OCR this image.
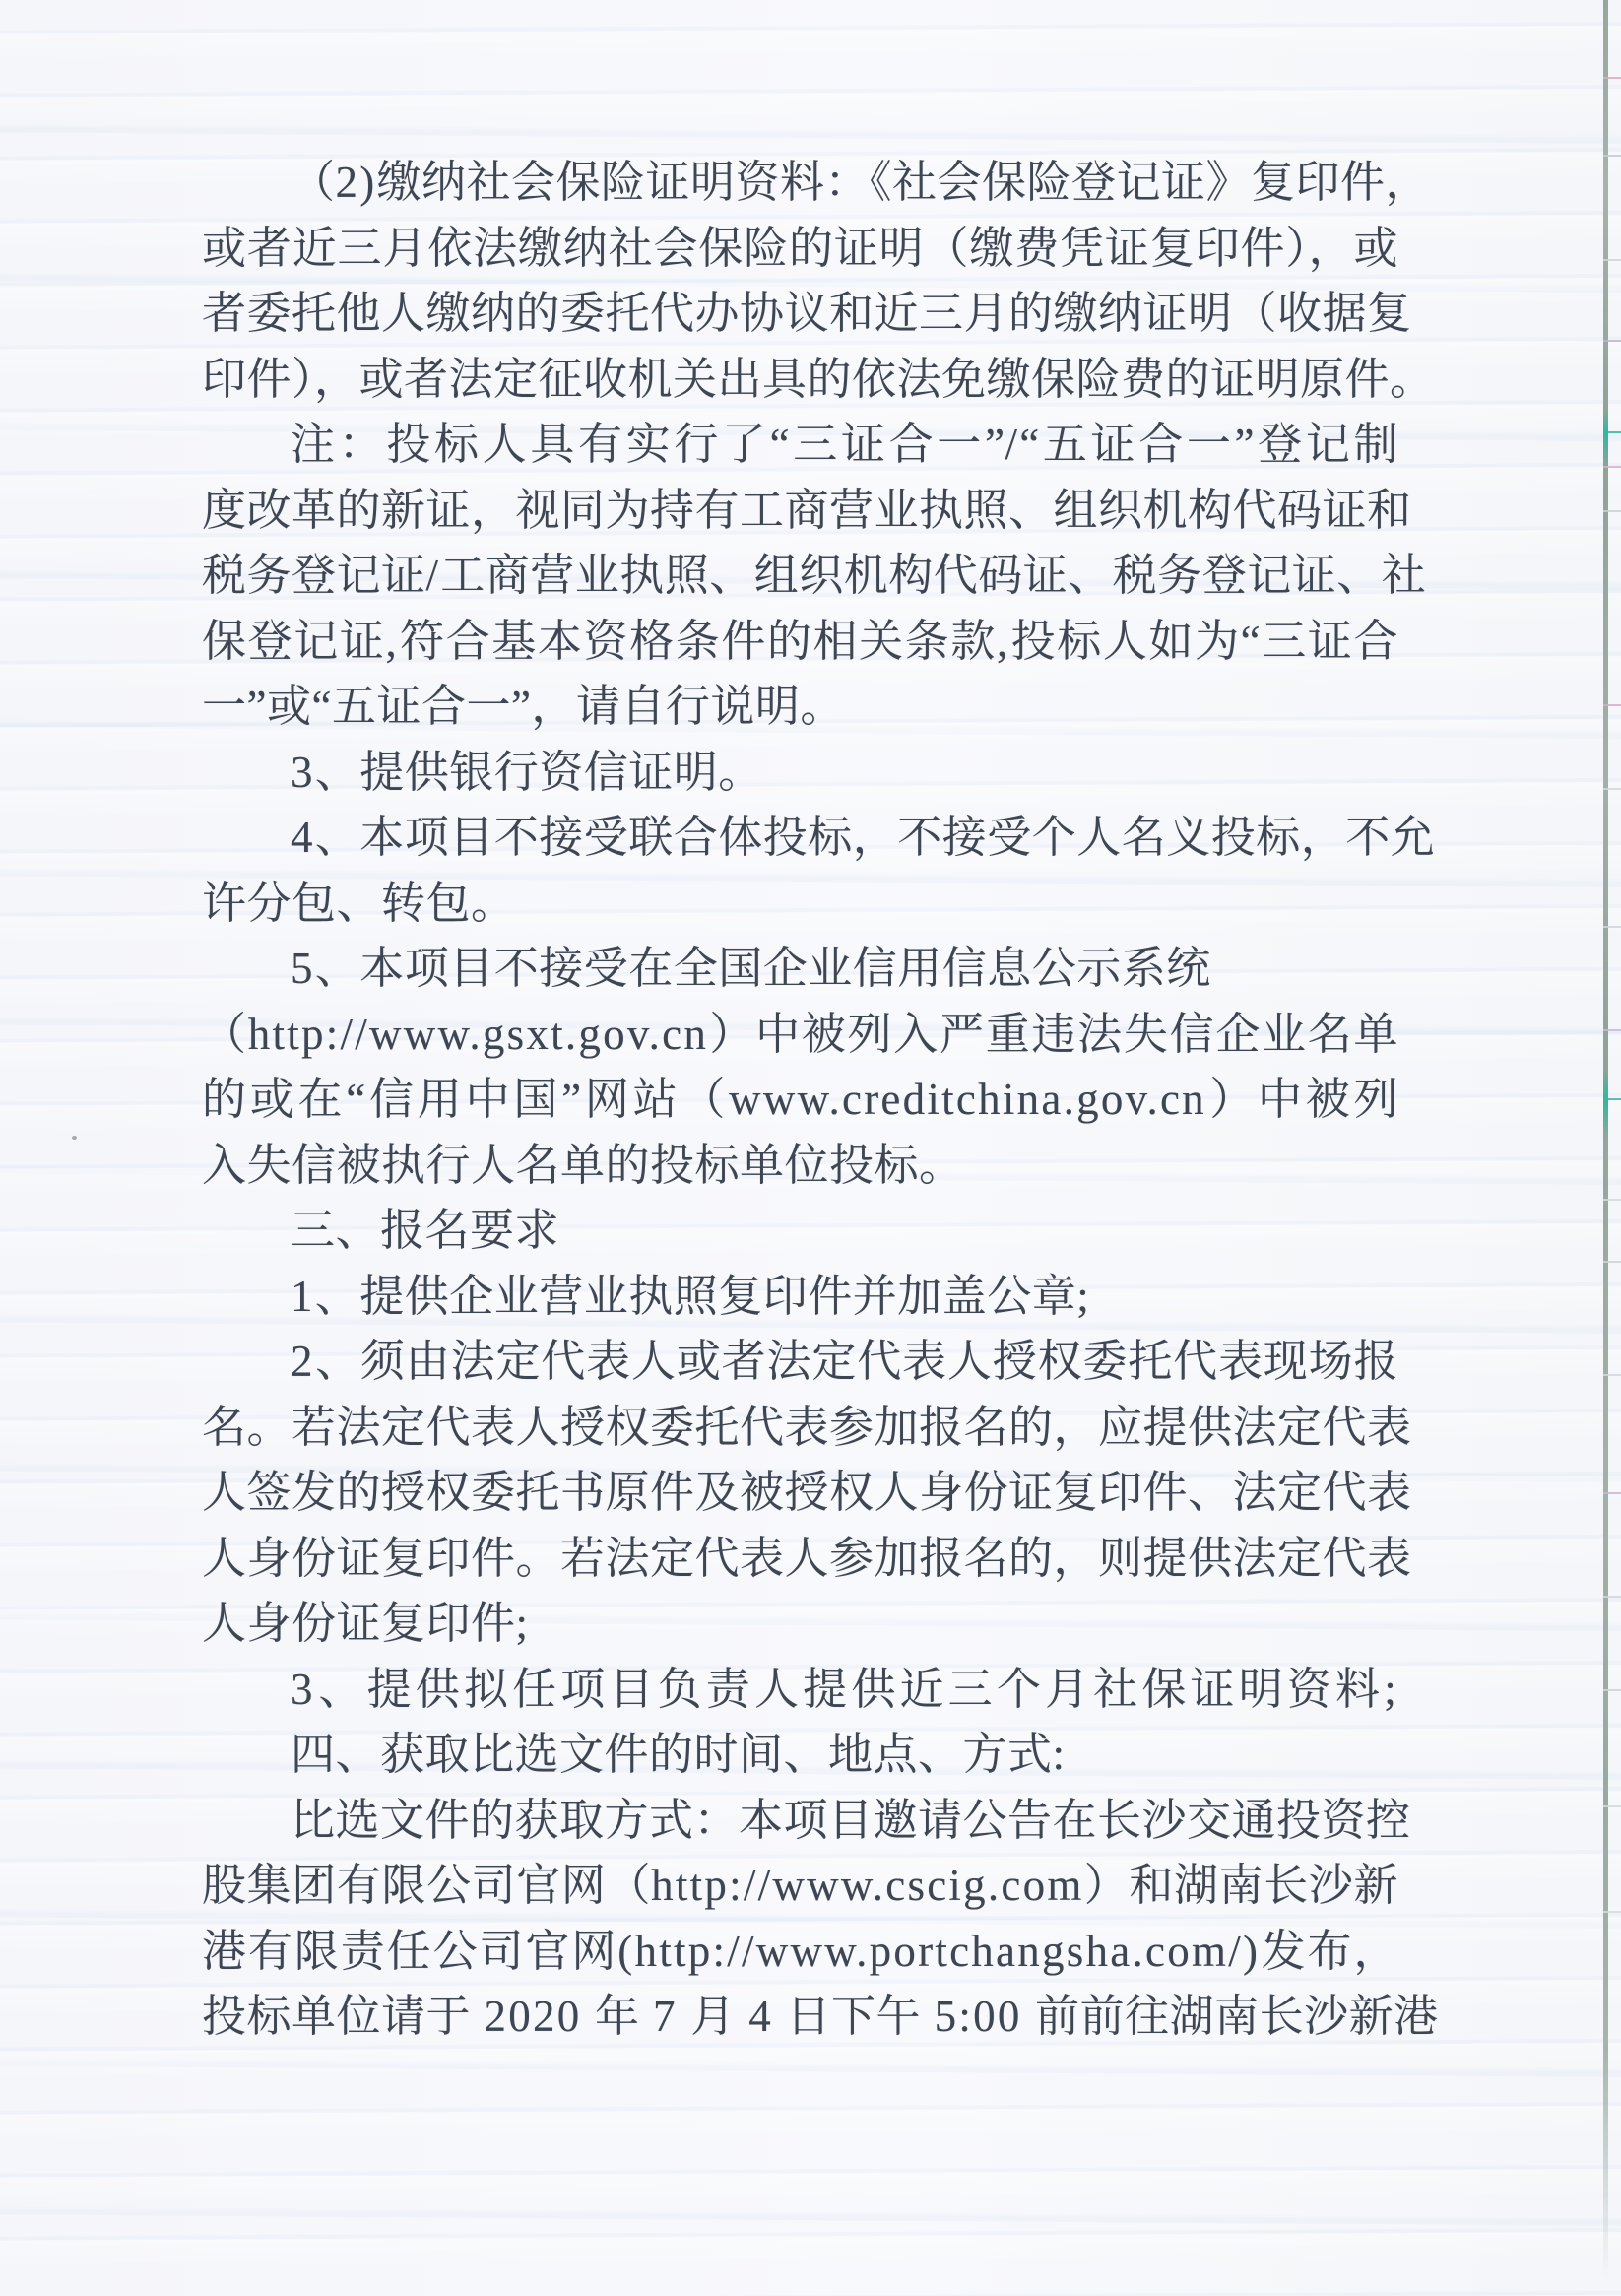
（2)缴纳社会保险证明资料：《社会保险登记证》复印件，
或者近三月依法缴纳社会保险的证明（缴费凭证复印件），或
者委托他人缴纳的委托代办协议和近三月的缴纳证明（收据复
印件），或者法定征收机关出具的依法免缴保险费的证明原件。
注：投标人具有实行了“三证合一”/“五证合一”登记制
度改革的新证，视同为持有工商营业执照、组织机构代码证和
税务登记证/工商营业执照、组织机构代码证、税务登记证、社
保登记证,符合基本资格条件的相关条款,投标人如为“三证合
一”或“五证合一”，请自行说明。
3、提供银行资信证明。
4、本项目不接受联合体投标，不接受个人名义投标，不允
许分包、转包。
5、本项目不接受在全国企业信用信息公示系统
（http://www.gsxt.gov.cn）中被列入严重违法失信企业名单
的或在“信用中国”网站（www.creditchina.gov.cn）中被列
入失信被执行人名单的投标单位投标。
三、报名要求
1、提供企业营业执照复印件并加盖公章;
2、须由法定代表人或者法定代表人授权委托代表现场报
名。若法定代表人授权委托代表参加报名的，应提供法定代表
人签发的授权委托书原件及被授权人身份证复印件、法定代表
人身份证复印件。若法定代表人参加报名的，则提供法定代表
人身份证复印件;
3、提供拟任项目负责人提供近三个月社保证明资料;
四、获取比选文件的时间、地点、方式:
比选文件的获取方式：本项目邀请公告在长沙交通投资控
股集团有限公司官网（http://www.cscig.com）和湖南长沙新
港有限责任公司官网(http://www.portchangsha.com/)发布，
投标单位请于 2020 年 7 月 4 日下午 5:00 前前往湖南长沙新港
